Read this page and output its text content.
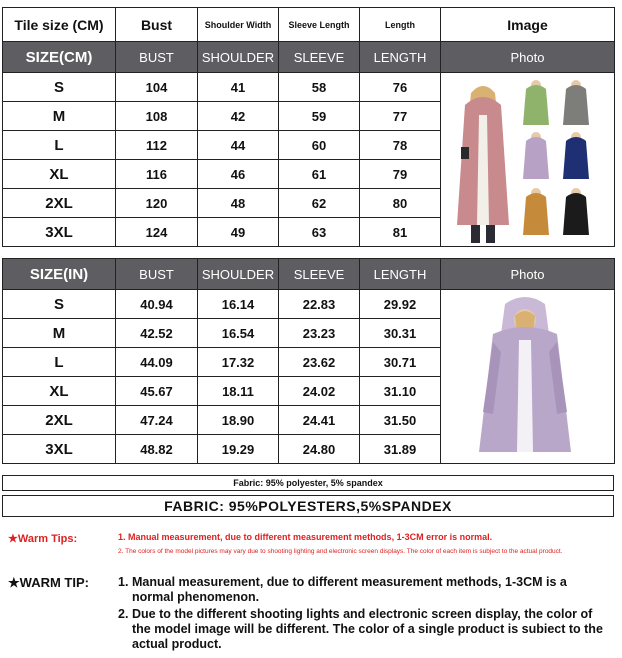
Tile size (CM)	Bust	Shoulder Width	Sleeve Length	Length	Image
SIZE(CM)	BUST	SHOULDER	SLEEVE	LENGTH	Photo
S	104	41	58	76	

M	108	42	59	77	
L	112	44	60	78	
XL	116	46	61	79	
2XL	120	48	62	80	
3XL	124	49	63	81	
SIZE(IN)	BUST	SHOULDER	SLEEVE	LENGTH	Photo
S	40.94	16.14	22.83	29.92	

M	42.52	16.54	23.23	30.31	
L	44.09	17.32	23.62	30.71	
XL	45.67	18.11	24.02	31.10	
2XL	47.24	18.90	24.41	31.50	
3XL	48.82	19.29	24.80	31.89	
Fabric: 95% polyester, 5% spandex
FABRIC: 95%POLYESTERS,5%SPANDEX
★Warm Tips:	1. Manual measurement, due to different measurement methods, 1-3CM error is normal.
2. The colors of the model pictures may vary due to shooting lighting and electronic screen displays. The color of each item is subject to the actual product.
★WARM TIP: 1. Manual measurement, due to different measurement methods, 1-3CM is a normal phenomenon.
2. Due to the different shooting lights and electronic screen display, the color of the model image will be different. The color of a single product is subiect to the actual product.
